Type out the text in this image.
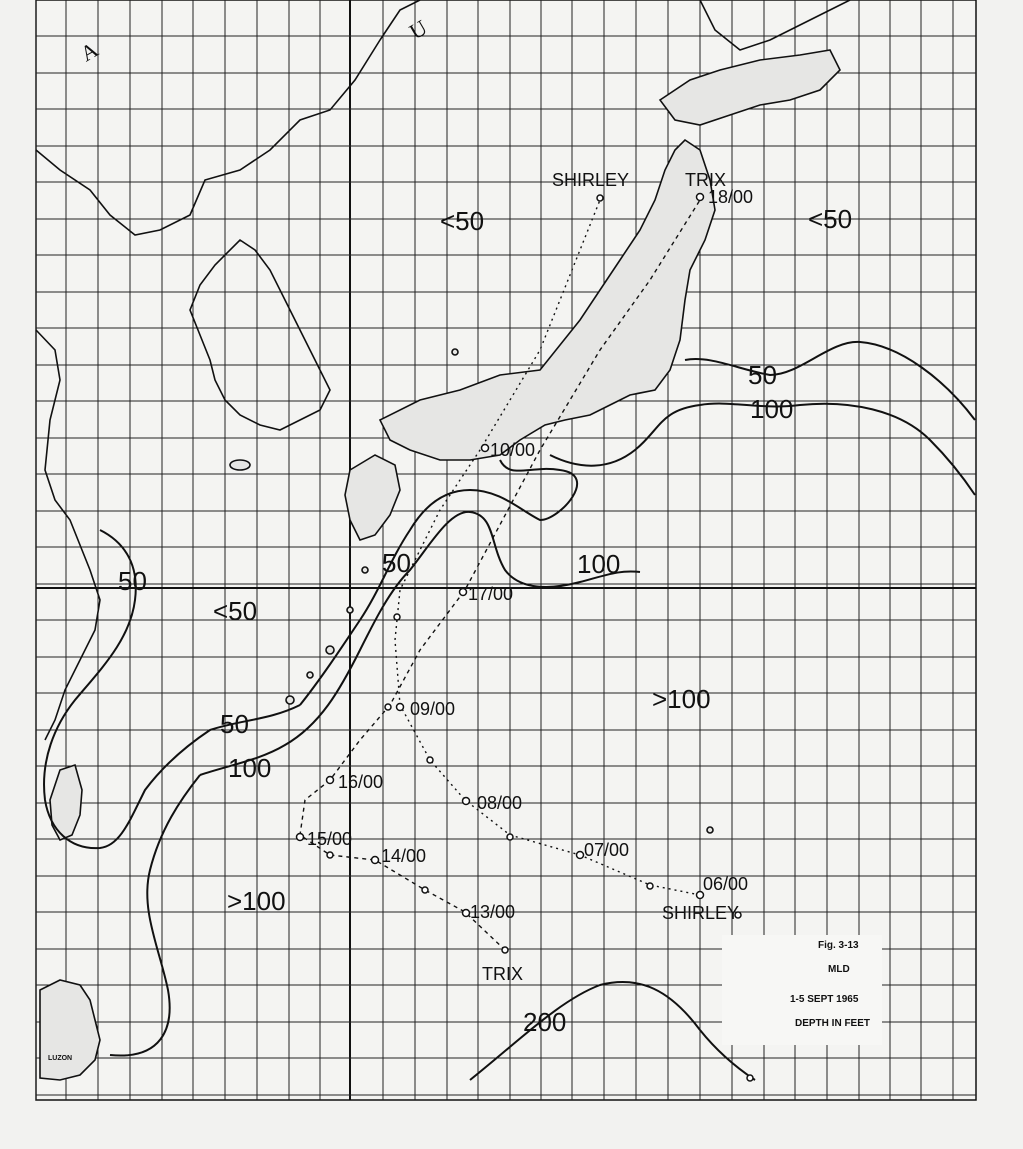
<50	<50
<50
>100
>100
50
100
50
50	100
50
100
200
SHIRLEY	TRIX
SHIRLEY
TRIX
06/00
07/00
08/00
09/00
13/00
14/00
15/00
16/00
17/00
18/00
10/00
LUZON
A
U
Fig. 3-13
MLD
1-5 SEPT 1965
DEPTH IN FEET
